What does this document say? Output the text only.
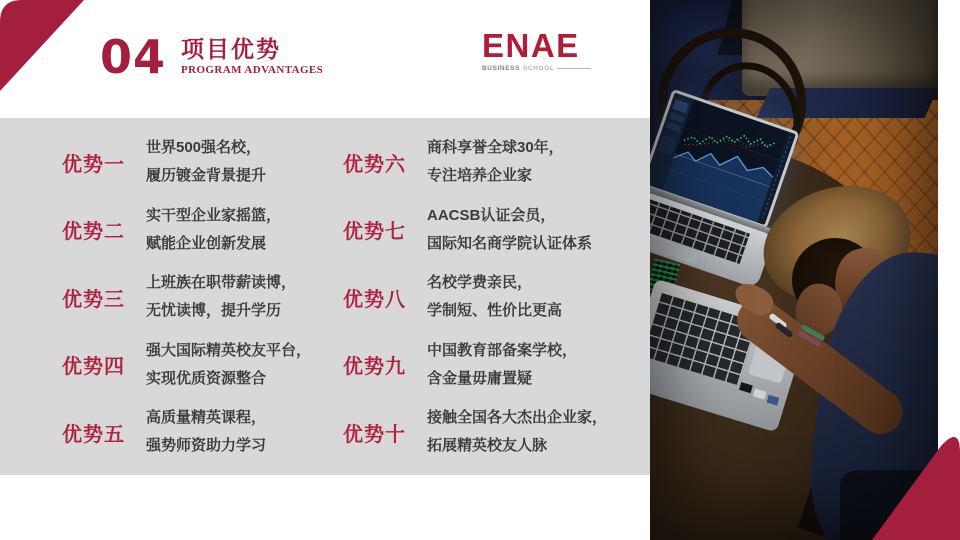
04 项目优势
PROGRAM ADVANTAGES
ENAE
BUSINESS SCHOOL
优势一
世界500强名校，
履历镀金背景提升
优势二
实干型企业家摇篮，
赋能企业创新发展
优势三
上班族在职带薪读博，
无忧读博，提升学历
优势四
强大国际精英校友平台，
实现优质资源整合
优势五
高质量精英课程，
强势师资助力学习
优势六
商科享誉全球30年，
专注培养企业家
优势七
AACSB认证会员，
国际知名商学院认证体系
优势八
名校学费亲民，
学制短、性价比更高
优势九
中国教育部备案学校，
含金量毋庸置疑
优势十
接触全国各大杰出企业家，
拓展精英校友人脉
